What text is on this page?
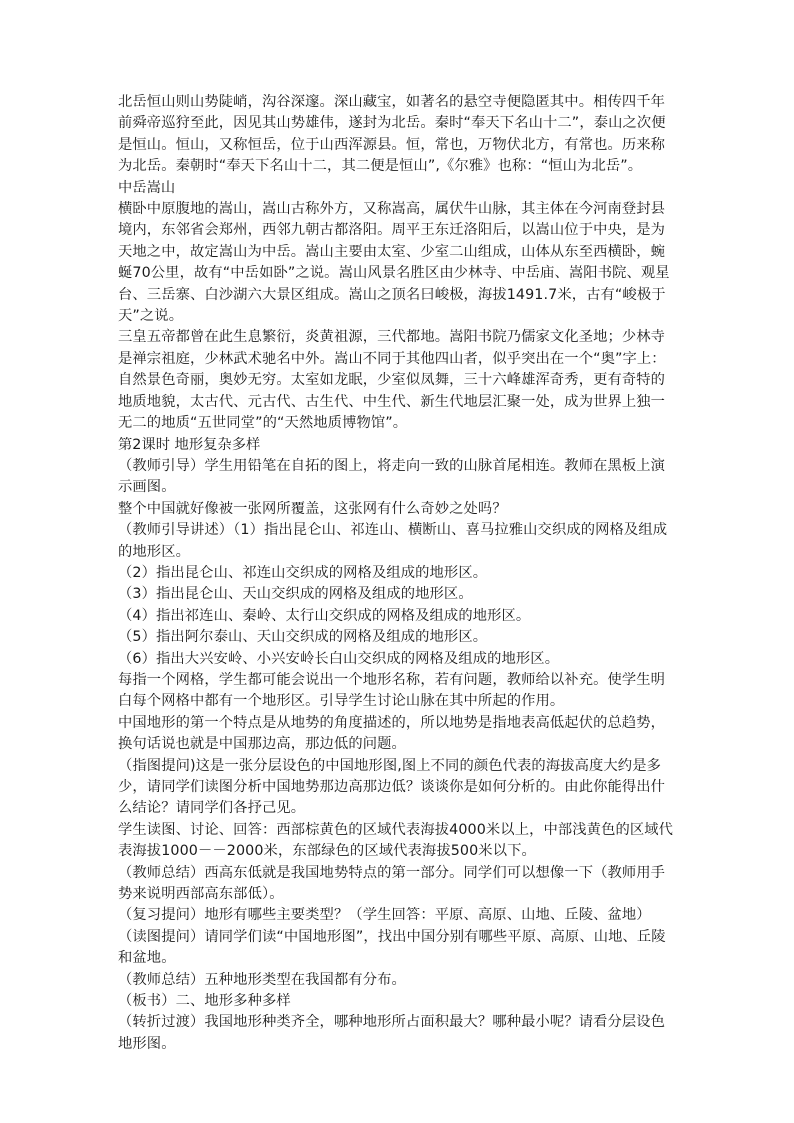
北岳恒山则山势陡峭，沟谷深邃。深山藏宝，如著名的悬空寺便隐匿其中。相传四千年前舜帝巡狩至此，因见其山势雄伟，遂封为北岳。秦时“奉天下名山十二”，泰山之次便是恒山。恒山，又称恒岳，位于山西浑源县。恒，常也，万物伏北方，有常也。历来称为北岳。秦朝时“奉天下名山十二，其二便是恒山”,《尔雅》也称：“恒山为北岳”。

中岳嵩山

横卧中原腹地的嵩山，嵩山古称外方，又称嵩高，属伏牛山脉，其主体在今河南登封县境内，东邻省会郑州，西邻九朝古都洛阳。周平王东迁洛阳后，以嵩山位于中央，是为天地之中，故定嵩山为中岳。嵩山主要由太室、少室二山组成，山体从东至西横卧，蜿蜒70公里，故有“中岳如卧”之说。嵩山风景名胜区由少林寺、中岳庙、嵩阳书院、观星台、三岳寨、白沙湖六大景区组成。嵩山之顶名曰峻极，海拔1491.7米，古有“峻极于天”之说。

三皇五帝都曾在此生息繁衍，炎黄祖源，三代都地。嵩阳书院乃儒家文化圣地；少林寺是禅宗祖庭，少林武术驰名中外。嵩山不同于其他四山者，似乎突出在一个“奥”字上：自然景色奇丽，奥妙无穷。太室如龙眠，少室似凤舞，三十六峰雄浑奇秀，更有奇特的地质地貌，太古代、元古代、古生代、中生代、新生代地层汇聚一处，成为世界上独一无二的地质“五世同堂”的“天然地质博物馆”。

第2课时 地形复杂多样

（教师引导）学生用铅笔在自拓的图上，将走向一致的山脉首尾相连。教师在黑板上演示画图。

整个中国就好像被一张网所覆盖，这张网有什么奇妙之处吗？

（教师引导讲述）（1）指出昆仑山、祁连山、横断山、喜马拉雅山交织成的网格及组成的地形区。

（2）指出昆仑山、祁连山交织成的网格及组成的地形区。

（3）指出昆仑山、天山交织成的网格及组成的地形区。

（4）指出祁连山、秦岭、太行山交织成的网格及组成的地形区。

（5）指出阿尔泰山、天山交织成的网格及组成的地形区。

（6）指出大兴安岭、小兴安岭长白山交织成的网格及组成的地形区。

每指一个网格，学生都可能会说出一个地形名称，若有问题，教师给以补充。使学生明白每个网格中都有一个地形区。引导学生讨论山脉在其中所起的作用。

中国地形的第一个特点是从地势的角度描述的，所以地势是指地表高低起伏的总趋势，换句话说也就是中国那边高，那边低的问题。

（指图提问)这是一张分层设色的中国地形图,图上不同的颜色代表的海拔高度大约是多少，请同学们读图分析中国地势那边高那边低？谈谈你是如何分析的。由此你能得出什么结论？请同学们各抒己见。

学生读图、讨论、回答：西部棕黄色的区域代表海拔4000米以上，中部浅黄色的区域代表海拔1000－－2000米，东部绿色的区域代表海拔500米以下。

（教师总结）西高东低就是我国地势特点的第一部分。同学们可以想像一下（教师用手势来说明西部高东部低）。

（复习提问）地形有哪些主要类型？（学生回答：平原、高原、山地、丘陵、盆地）

（读图提问）请同学们读“中国地形图”，找出中国分别有哪些平原、高原、山地、丘陵和盆地。

（教师总结）五种地形类型在我国都有分布。

（板书）二、地形多种多样

（转折过渡）我国地形种类齐全，哪种地形所占面积最大？哪种最小呢？请看分层设色地形图。
